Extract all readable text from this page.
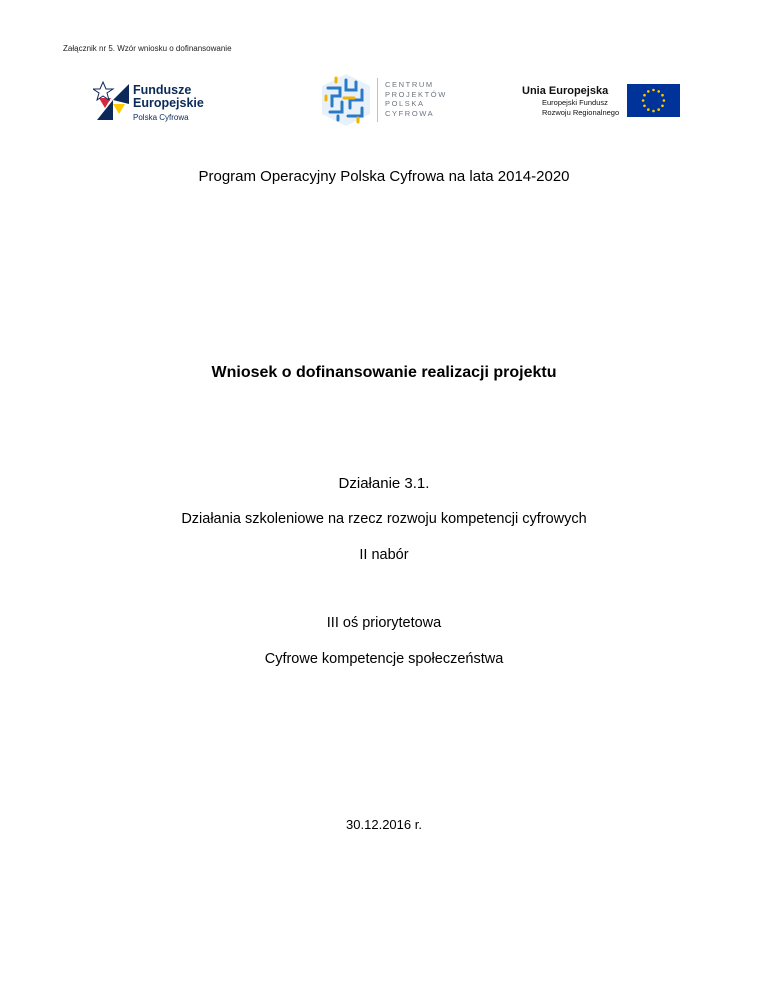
Załącznik nr 5. Wzór wniosku o dofinansowanie
Fundusze
Europejskie
Polska Cyfrowa
CENTRUM
PROJEKTÓW
POLSKA
CYFROWA
Unia Europejska
Europejski Fundusz
Rozwoju Regionalnego
Program Operacyjny Polska Cyfrowa na lata 2014-2020
Wniosek o dofinansowanie realizacji projektu
Działanie 3.1.
Działania szkoleniowe na rzecz rozwoju kompetencji cyfrowych
II nabór
III oś priorytetowa
Cyfrowe kompetencje społeczeństwa
30.12.2016 r.
